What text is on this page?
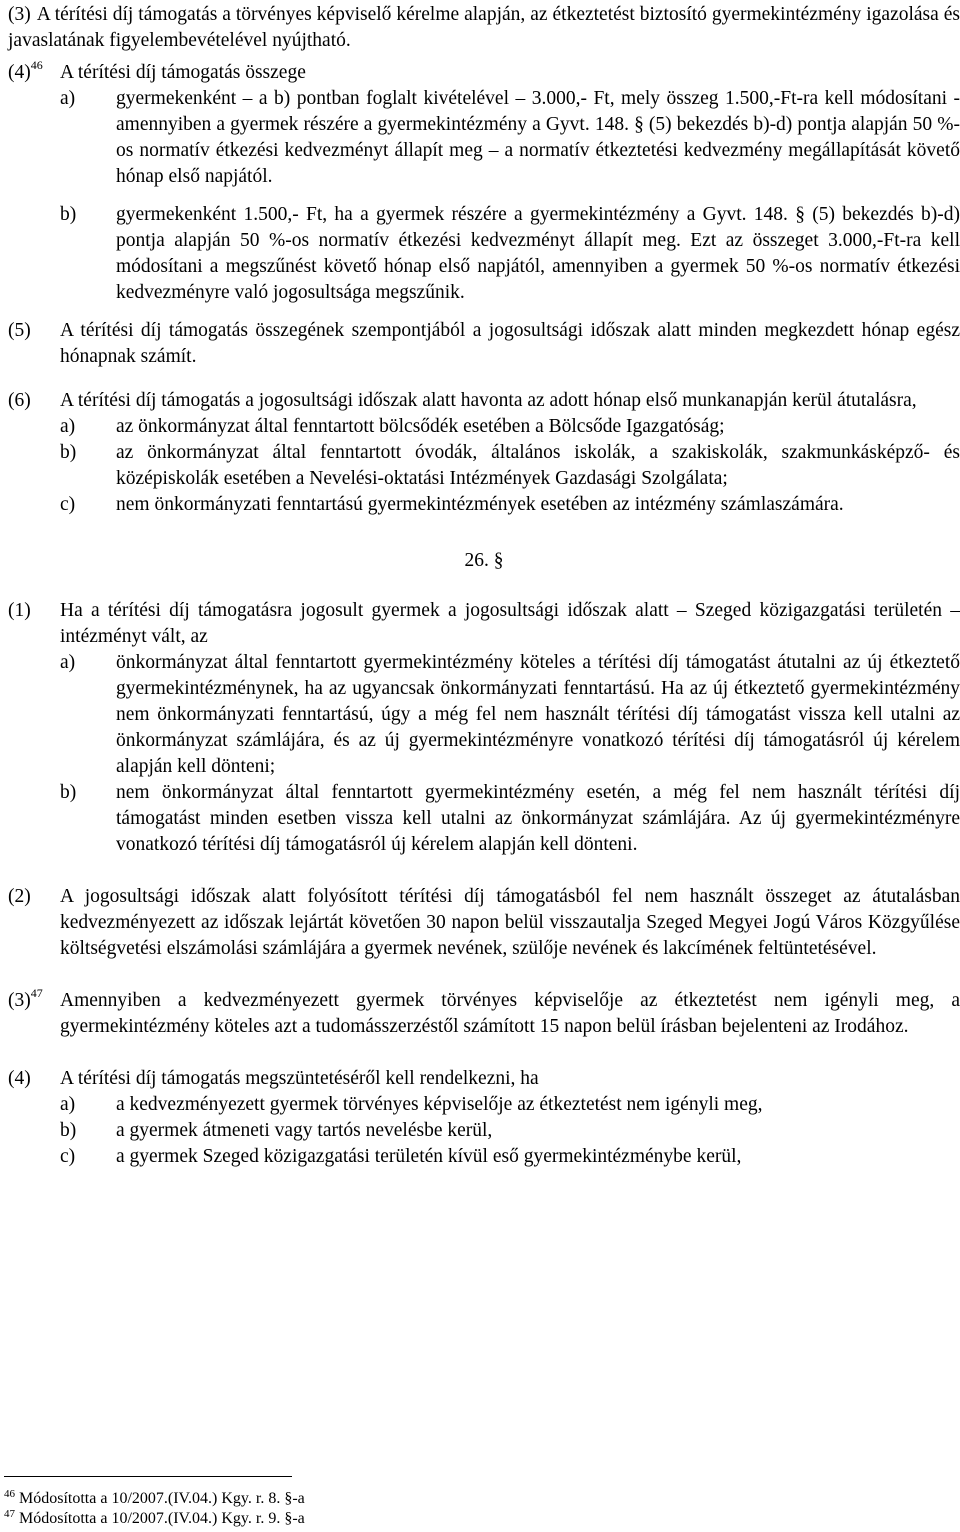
(3) A térítési díj támogatás a törvényes képviselő kérelme alapján, az étkeztetést biztosító gyermekintézmény igazolása és javaslatának figyelembevételével nyújtható.
$(4)^{46}$ A térítési díj támogatás összege
a) gyermekenként – a b) pontban foglalt kivételével – 3.000,- Ft, mely összeg 1.500,-Ft-ra kell módosítani - amennyiben a gyermek részére a gyermekintézmény a Gyvt. 148. § (5) bekezdés b)-d) pontja alapján 50 %-os normatív étkezési kedvezményt állapít meg – a normatív étkeztetési kedvezmény megállapítását követő hónap első napjától.
b) gyermekenként 1.500,- Ft, ha a gyermek részére a gyermekintézmény a Gyvt. 148. § (5) bekezdés b)-d) pontja alapján 50 %-os normatív étkezési kedvezményt állapít meg. Ezt az összeget 3.000,-Ft-ra kell módosítani a megszűnést követő hónap első napjától, amennyiben a gyermek 50 %-os normatív étkezési kedvezményre való jogosultsága megszűnik.
(5) A térítési díj támogatás összegének szempontjából a jogosultsági időszak alatt minden megkezdett hónap egész hónapnak számít.
(6) A térítési díj támogatás a jogosultsági időszak alatt havonta az adott hónap első munkanapján kerül átutalásra,
a) az önkormányzat által fenntartott bölcsődék esetében a Bölcsőde Igazgatóság;
b) az önkormányzat által fenntartott óvodák, általános iskolák, a szakiskolák, szakmunkásképző- és középiskolák esetében a Nevelési-oktatási Intézmények Gazdasági Szolgálata;
c) nem önkormányzati fenntartású gyermekintézmények esetében az intézmény számlaszámára.
26. §
(1) Ha a térítési díj támogatásra jogosult gyermek a jogosultsági időszak alatt – Szeged közigazgatási területén – intézményt vált, az
a) önkormányzat által fenntartott gyermekintézmény köteles a térítési díj támogatást átutalni az új étkeztető gyermekintézménynek, ha az ugyancsak önkormányzati fenntartású. Ha az új étkeztető gyermekintézmény nem önkormányzati fenntartású, úgy a még fel nem használt térítési díj támogatást vissza kell utalni az önkormányzat számlájára, és az új gyermekintézményre vonatkozó térítési díj támogatásról új kérelem alapján kell dönteni;
b) nem önkormányzat által fenntartott gyermekintézmény esetén, a még fel nem használt térítési díj támogatást minden esetben vissza kell utalni az önkormányzat számlájára. Az új gyermekintézményre vonatkozó térítési díj támogatásról új kérelem alapján kell dönteni.
(2) A jogosultsági időszak alatt folyósított térítési díj támogatásból fel nem használt összeget az átutalásban kedvezményezett az időszak lejártát követően 30 napon belül visszautalja Szeged Megyei Jogú Város Közgyűlése költségvetési elszámolási számlájára a gyermek nevének, szülője nevének és lakcímének feltüntetésével.
$(3)^{47}$ Amennyiben a kedvezményezett gyermek törvényes képviselője az étkeztetést nem igényli meg, a gyermekintézmény köteles azt a tudomásszerzéstől számított 15 napon belül írásban bejelenteni az Irodához.
(4) A térítési díj támogatás megszüntetéséről kell rendelkezni, ha
a) a kedvezményezett gyermek törvényes képviselője az étkeztetést nem igényli meg,
b) a gyermek átmeneti vagy tartós nevelésbe kerül,
c) a gyermek Szeged közigazgatási területén kívül eső gyermekintézménybe kerül,
$^{46}$ Módosította a 10/2007.(IV.04.) Kgy. r. 8. §-a
$^{47}$ Módosította a 10/2007.(IV.04.) Kgy. r. 9. §-a
